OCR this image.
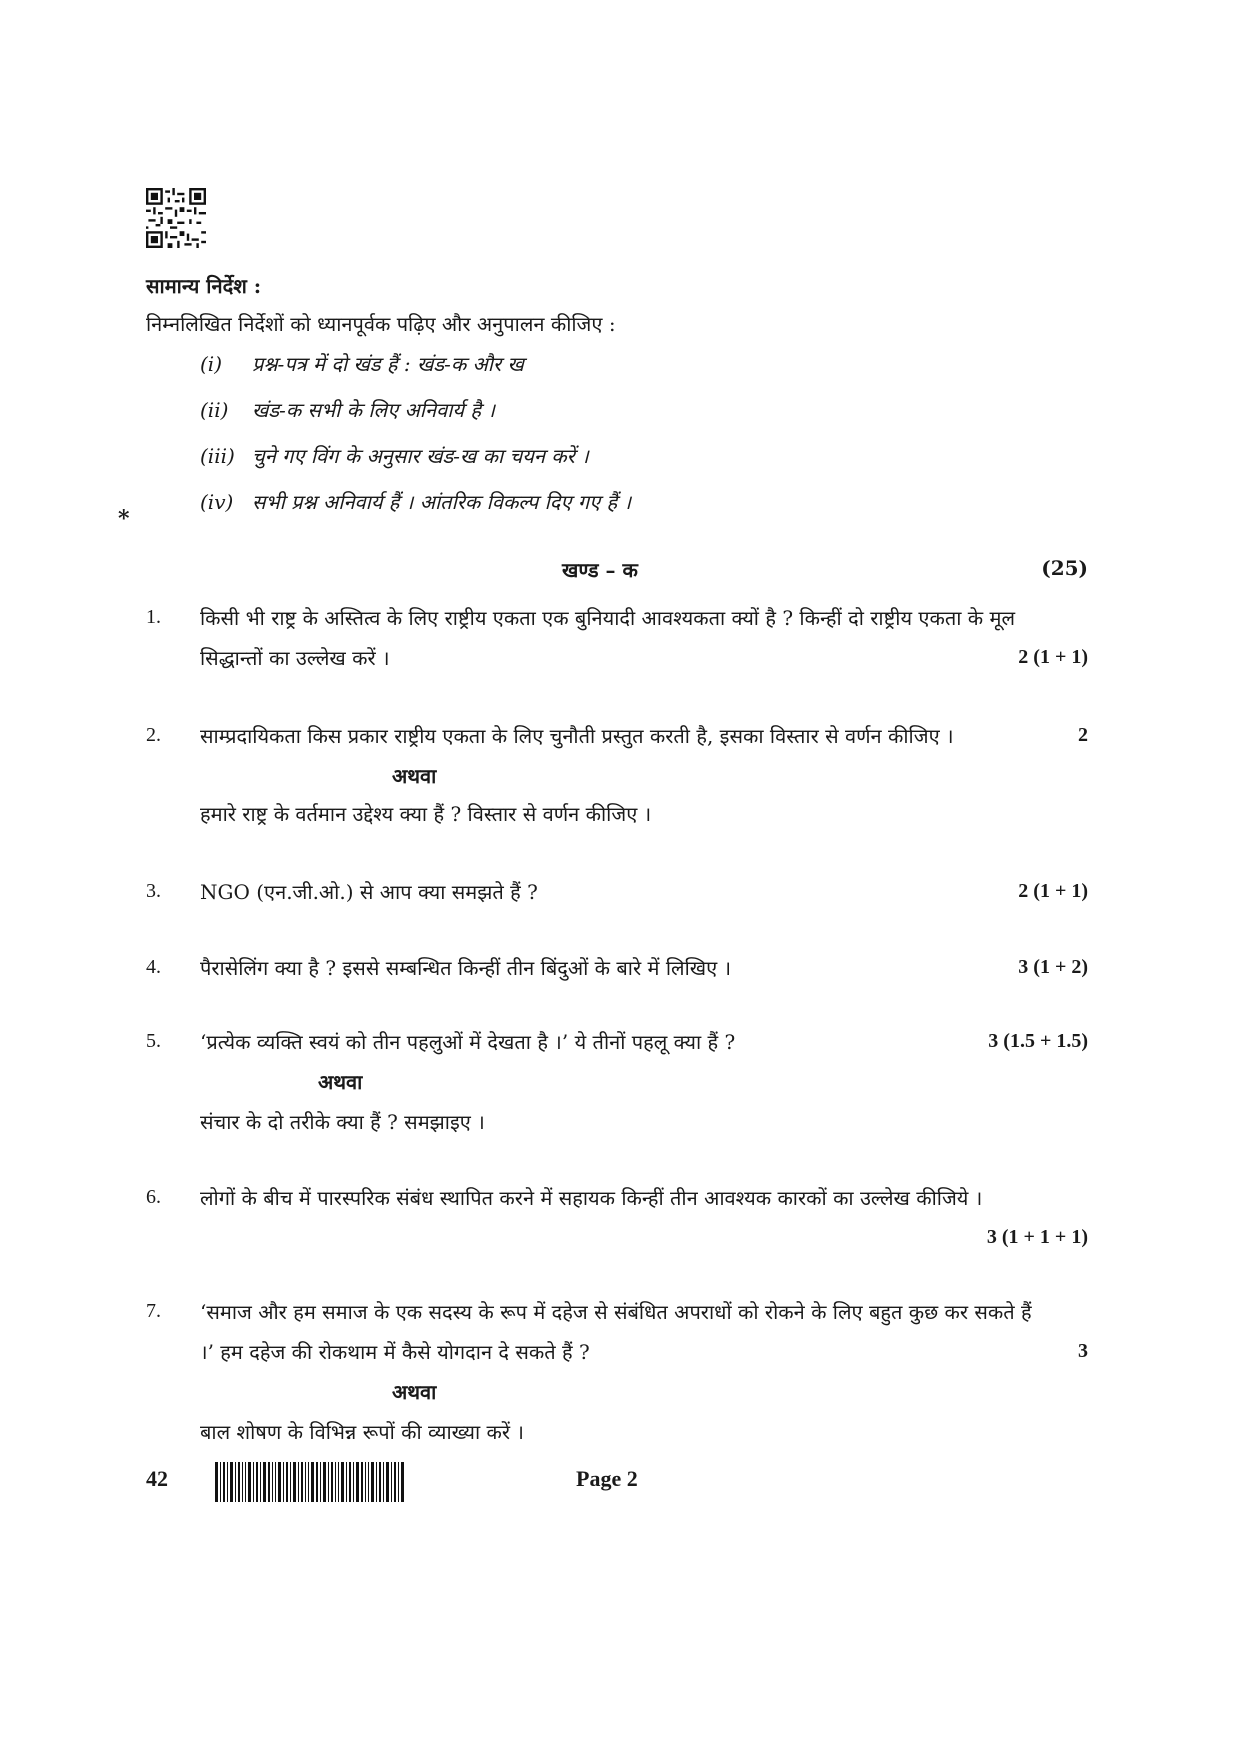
सामान्य निर्देश :
निम्नलिखित निर्देशों को ध्यानपूर्वक पढ़िए और अनुपालन कीजिए :
(i) प्रश्न-पत्र में दो खंड हैं : खंड-क और ख
(ii) खंड-क सभी के लिए अनिवार्य है ।
(iii) चुने गए विंग के अनुसार खंड-ख का चयन करें ।
(iv) सभी प्रश्न अनिवार्य हैं । आंतरिक विकल्प दिए गए हैं ।
*
खण्ड – क	(25)
1. किसी भी राष्ट्र के अस्तित्व के लिए राष्ट्रीय एकता एक बुनियादी आवश्यकता क्यों है ? किन्हीं दो राष्ट्रीय एकता के मूल सिद्धान्तों का उल्लेख करें ।	2 (1 + 1)
2. साम्प्रदायिकता किस प्रकार राष्ट्रीय एकता के लिए चुनौती प्रस्तुत करती है, इसका विस्तार से वर्णन कीजिए ।	2
अथवा
हमारे राष्ट्र के वर्तमान उद्देश्य क्या हैं ? विस्तार से वर्णन कीजिए ।
3. NGO (एन.जी.ओ.) से आप क्या समझते हैं ?	2 (1 + 1)
4. पैरासेलिंग क्या है ? इससे सम्बन्धित किन्हीं तीन बिंदुओं के बारे में लिखिए ।	3 (1 + 2)
5. ‘प्रत्येक व्यक्ति स्वयं को तीन पहलुओं में देखता है ।’ ये तीनों पहलू क्या हैं ?	3 (1.5 + 1.5)
अथवा
संचार के दो तरीके क्या हैं ? समझाइए ।
6. लोगों के बीच में पारस्परिक संबंध स्थापित करने में सहायक किन्हीं तीन आवश्यक कारकों का उल्लेख कीजिये ।
3 (1 + 1 + 1)
7. ‘समाज और हम समाज के एक सदस्य के रूप में दहेज से संबंधित अपराधों को रोकने के लिए बहुत कुछ कर सकते हैं ।’ हम दहेज की रोकथाम में कैसे योगदान दे सकते हैं ?	3
अथवा
बाल शोषण के विभिन्न रूपों की व्याख्या करें ।
42	Page 2
